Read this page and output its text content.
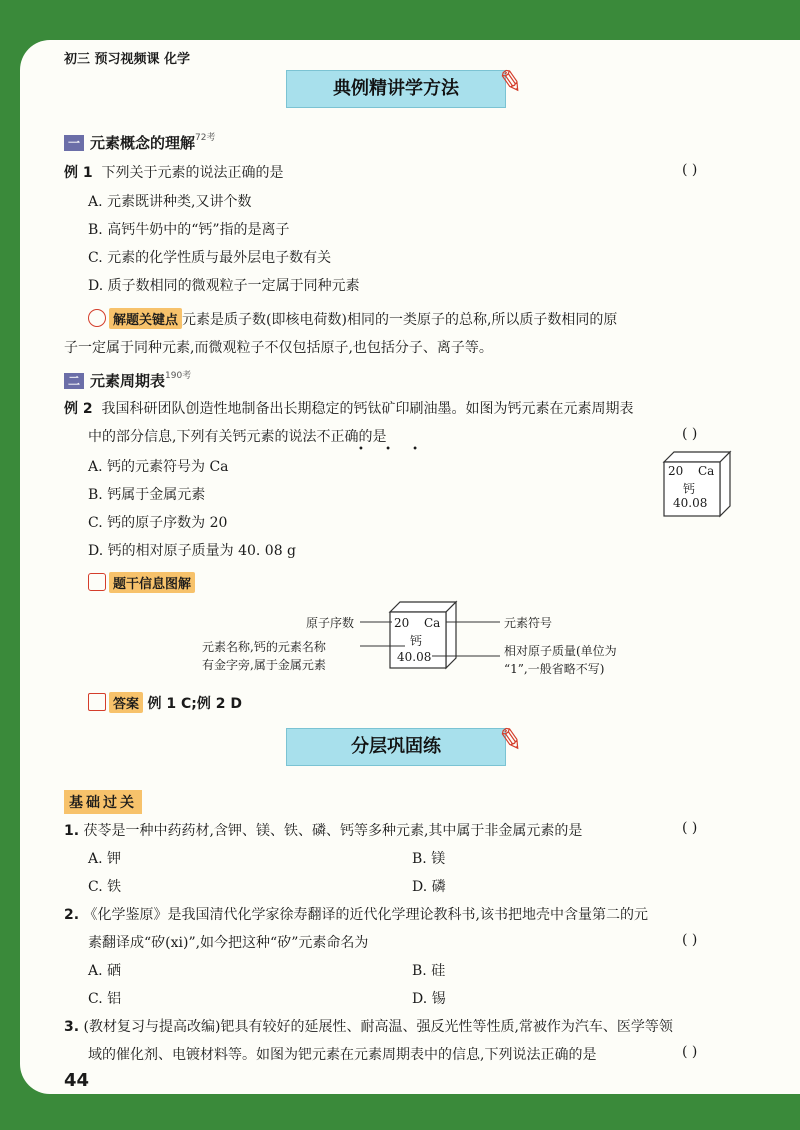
初三 预习视频课 化学
典例精讲学方法 ✎
一 元素概念的理解$^{72考}$
例 1 下列关于元素的说法正确的是	( )
A. 元素既讲种类,又讲个数
B. 高钙牛奶中的“钙”指的是离子
C. 元素的化学性质与最外层电子数有关
D. 质子数相同的微观粒子一定属于同种元素
解题关键点 元素是质子数(即核电荷数)相同的一类原子的总称,所以质子数相同的原
子一定属于同种元素,而微观粒子不仅包括原子,也包括分子、离子等。
二 元素周期表$^{190考}$
例 2 我国科研团队创造性地制备出长期稳定的钙钛矿印刷油墨。如图为钙元素在元素周期表
中的部分信息,下列有关钙元素的说法不正确的是
• • •
( )
A. 钙的元素符号为 Ca
B. 钙属于金属元素
C. 钙的原子序数为 20
D. 钙的相对原子质量为 40. 08 g
20 Ca
钙
40.08
题干信息图解
原子序数	元素符号
元素名称,钙的元素名称
有金字旁,属于金属元素
相对原子质量(单位为
“1”,一般省略不写)
20 Ca
钙
40.08
答案 例 1 C;例 2 D
分层巩固练 ✎
基础过关
1. 茯苓是一种中药药材,含钾、镁、铁、磷、钙等多种元素,其中属于非金属元素的是	( )
A. 钾	B. 镁
C. 铁	D. 磷
2. 《化学鉴原》是我国清代化学家徐寿翻译的近代化学理论教科书,该书把地壳中含量第二的元
素翻译成“矽(xi)”,如今把这种“矽”元素命名为	( )
A. 硒	B. 硅
C. 铝	D. 锡
3. (教材复习与提高改编)钯具有较好的延展性、耐高温、强反光性等性质,常被作为汽车、医学等领
域的催化剂、电镀材料等。如图为钯元素在元素周期表中的信息,下列说法正确的是	( )
44
